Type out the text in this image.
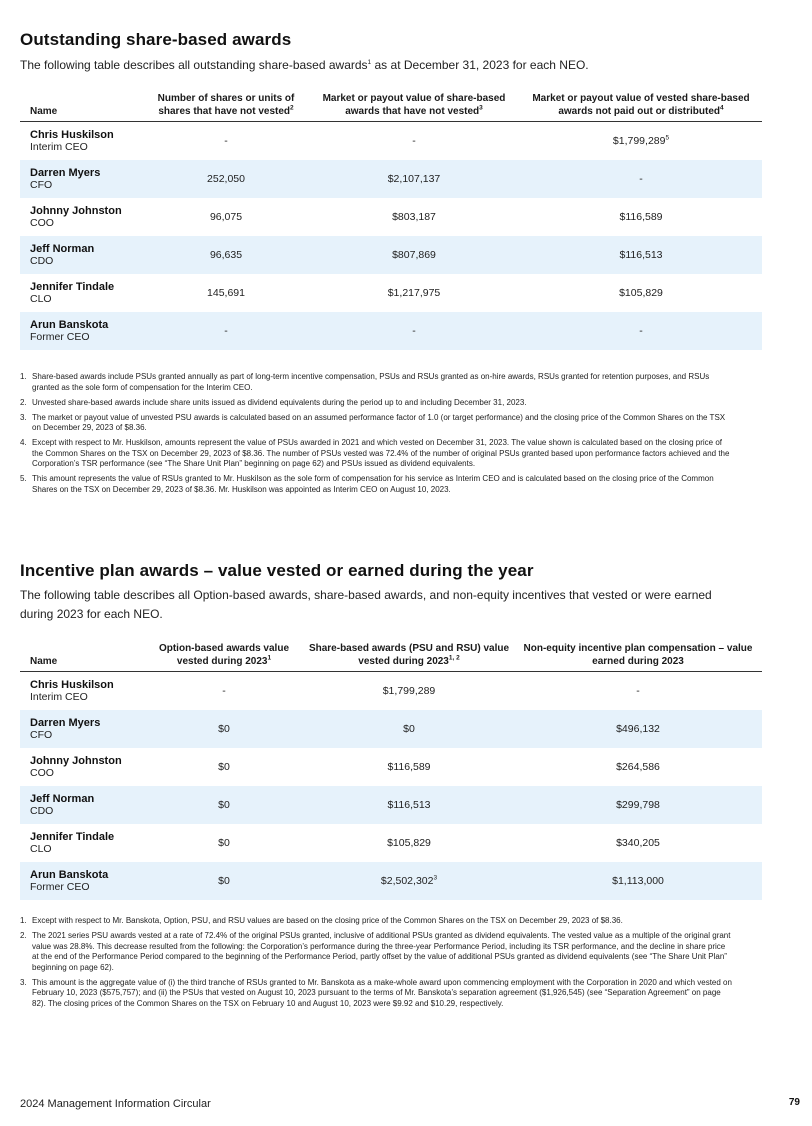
Outstanding share-based awards
The following table describes all outstanding share-based awards$^1$ as at December 31, 2023 for each NEO.
Name	Number of shares or units of shares that have not vested$^2$	Market or payout value of share-based awards that have not vested$^3$	Market or payout value of vested share-based awards not paid out or distributed$^4$

Chris Huskilson
Interim CEO	-	-	$1,799,289$^5$

Darren Myers
CFO	252,050	$2,107,137	-

Johnny Johnston
COO	96,075	$803,187	$116,589

Jeff Norman
CDO	96,635	$807,869	$116,513

Jennifer Tindale
CLO	145,691	$1,217,975	$105,829

Arun Banskota
Former CEO	-	-	-
1. Share-based awards include PSUs granted annually as part of long-term incentive compensation, PSUs and RSUs granted as on-hire awards, RSUs granted for retention purposes, and RSUs granted as the sole form of compensation for the Interim CEO.
2. Unvested share-based awards include share units issued as dividend equivalents during the period up to and including December 31, 2023.
3. The market or payout value of unvested PSU awards is calculated based on an assumed performance factor of 1.0 (or target performance) and the closing price of the Common Shares on the TSX on December 29, 2023 of $8.36.
4. Except with respect to Mr. Huskilson, amounts represent the value of PSUs awarded in 2021 and which vested on December 31, 2023. The value shown is calculated based on the closing price of the Common Shares on the TSX on December 29, 2023 of $8.36. The number of PSUs vested was 72.4% of the number of original PSUs granted based upon performance factors achieved and the Corporation’s TSR performance (see “The Share Unit Plan” beginning on page 62) and PSUs issued as dividend equivalents.
5. This amount represents the value of RSUs granted to Mr. Huskilson as the sole form of compensation for his service as Interim CEO and is calculated based on the closing price of the Common Shares on the TSX on December 29, 2023 of $8.36. Mr. Huskilson was appointed as Interim CEO on August 10, 2023.
Incentive plan awards – value vested or earned during the year
The following table describes all Option-based awards, share-based awards, and non-equity incentives that vested or were earned during 2023 for each NEO.
Name	Option-based awards value vested during 2023$^1$	Share-based awards (PSU and RSU) value vested during 2023$^{1, 2}$	Non-equity incentive plan compensation – value earned during 2023

Chris Huskilson
Interim CEO	-	$1,799,289	-

Darren Myers
CFO	$0	$0	$496,132

Johnny Johnston
COO	$0	$116,589	$264,586

Jeff Norman
CDO	$0	$116,513	$299,798

Jennifer Tindale
CLO	$0	$105,829	$340,205

Arun Banskota
Former CEO	$0	$2,502,302$^3$	$1,113,000
1. Except with respect to Mr. Banskota, Option, PSU, and RSU values are based on the closing price of the Common Shares on the TSX on December 29, 2023 of $8.36.
2. The 2021 series PSU awards vested at a rate of 72.4% of the original PSUs granted, inclusive of additional PSUs granted as dividend equivalents. The vested value as a multiple of the original grant value was 28.8%. This decrease resulted from the following: the Corporation’s performance during the three-year Performance Period, including its TSR performance, and the decline in share price at the end of the Performance Period compared to the beginning of the Performance Period, partly offset by the value of additional PSUs granted as dividend equivalents (see “The Share Unit Plan” beginning on page 62).
3. This amount is the aggregate value of (i) the third tranche of RSUs granted to Mr. Banskota as a make-whole award upon commencing employment with the Corporation in 2020 and which vested on February 10, 2023 ($575,757); and (ii) the PSUs that vested on August 10, 2023 pursuant to the terms of Mr. Banskota’s separation agreement ($1,926,545) (see “Separation Agreement” on page 82). The closing prices of the Common Shares on the TSX on February 10 and August 10, 2023 were $9.92 and $10.29, respectively.
2024 Management Information Circular	79
